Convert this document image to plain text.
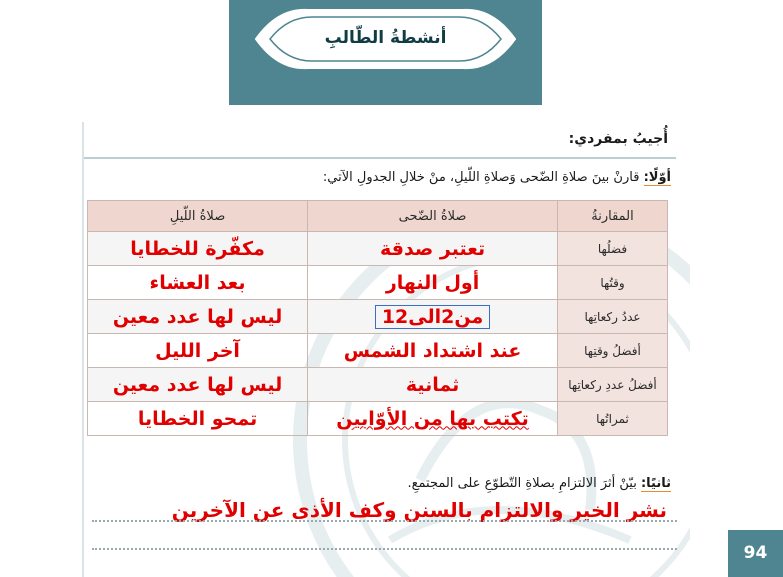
أنشطةُ الطّالبِ
أُجيبُ بمفردي:
أوّلًا: قارنْ بينَ صلاةِ الضّحى وَصلاةِ اللّيلِ، منْ خلالِ الجدولِ الآتي:
المقارنةُ	صلاةُ الضّحى	صلاةُ اللّيلِ
فضلُها	تعتبر صدقة	مكفّرة للخطايا
وقتُها	أول النهار	بعد العشاء
عددُ ركعاتِها	من2الى12	ليس لها عدد معين
أفضلُ وقتِها	عند اشتداد الشمس	آخر الليل
أفضلُ عددِ ركعاتِها	ثمانية	ليس لها عدد معين
ثمراتُها	تكتب بها من الأوّابين	تمحو الخطايا
ثانيًا: بيّنْ أثرَ الالتزامِ بصلاةِ التّطوّعِ على المجتمعِ.
نشر الخير والالتزام بالسنن وكف الأذى عن الآخرين
94
